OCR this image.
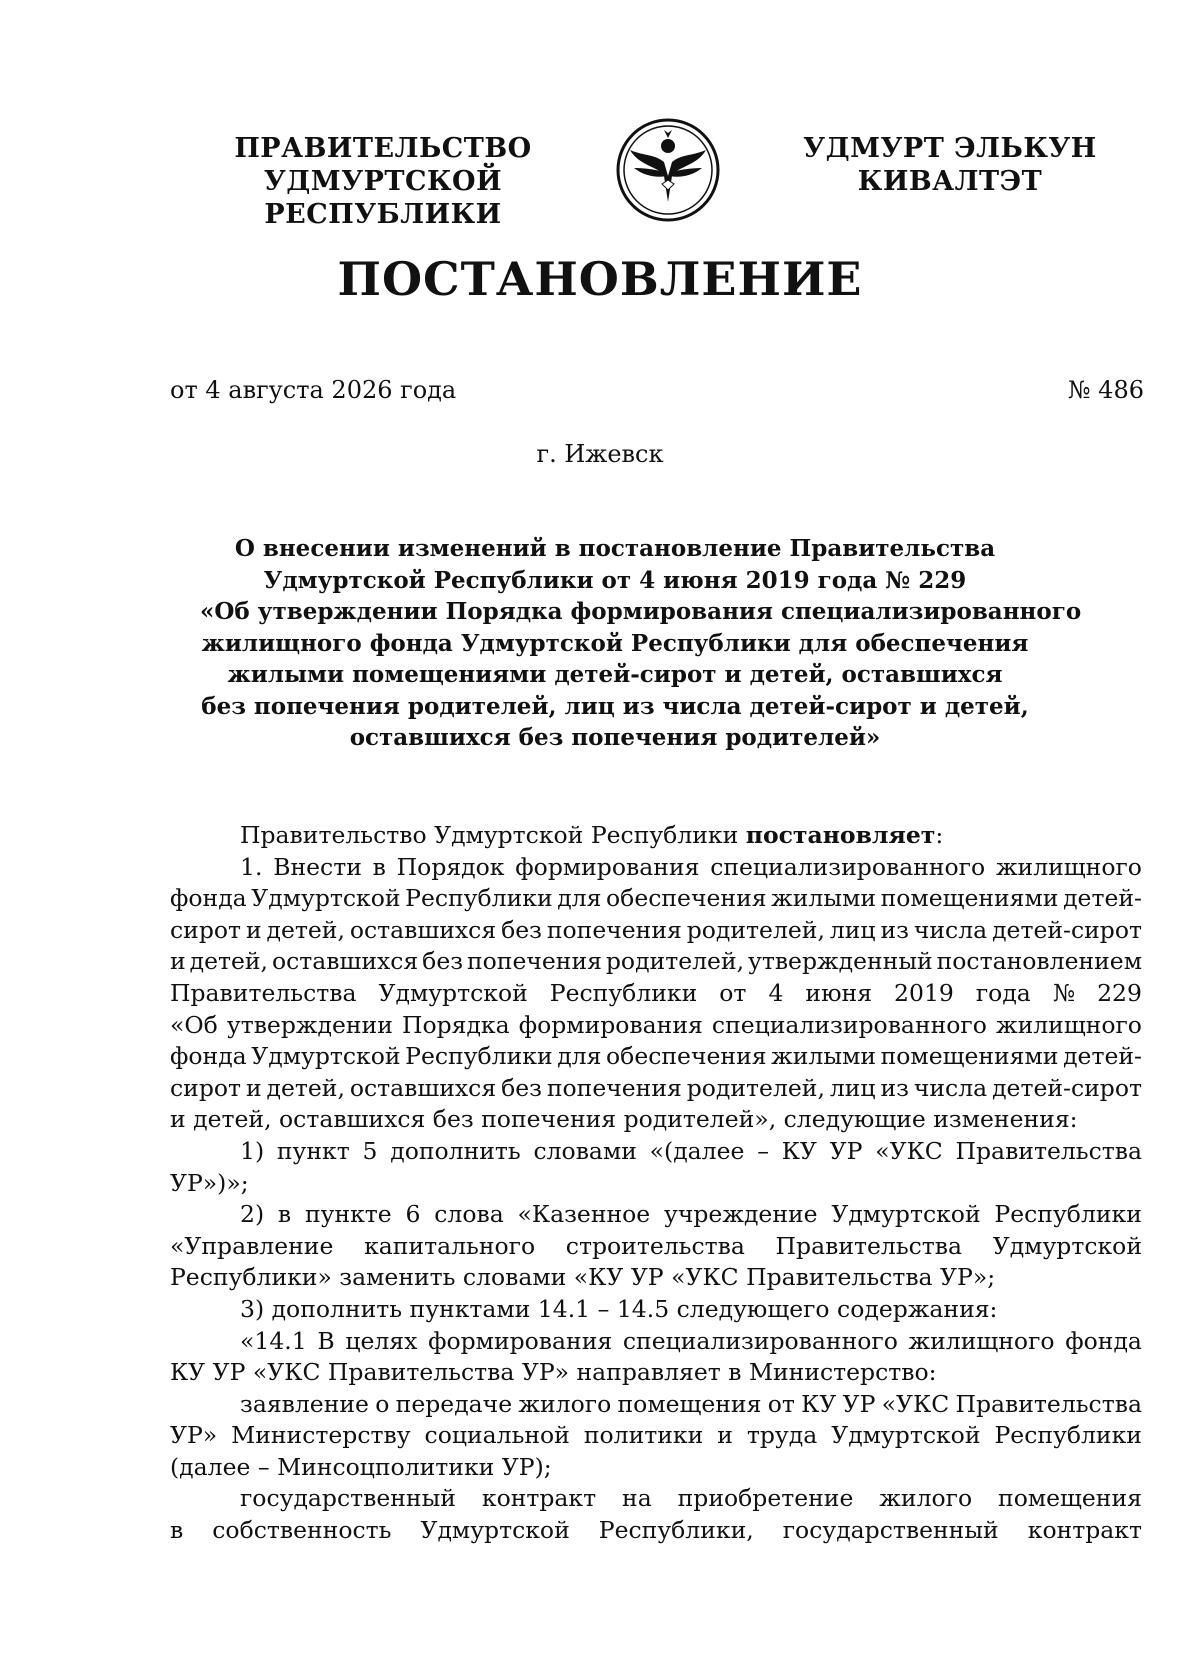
ПРАВИТЕЛЬСТВО
УДМУРТСКОЙ РЕСПУБЛИКИ
УДМУРТ ЭЛЬКУН
КИВАЛТЭТ
ПОСТАНОВЛЕНИЕ
от 4 августа 2026 года	№ 486
г. Ижевск
О внесении изменений в постановление Правительства
Удмуртской Республики от 4 июня 2019 года № 229
«Об утверждении Порядка формирования специализированного
жилищного фонда Удмуртской Республики для обеспечения
жилыми помещениями детей-сирот и детей, оставшихся
без попечения родителей, лиц из числа детей-сирот и детей,
оставшихся без попечения родителей»
Правительство Удмуртской Республики постановляет:
1. Внести в Порядок формирования специализированного жилищного
фонда Удмуртской Республики для обеспечения жилыми помещениями детей-
сирот и детей, оставшихся без попечения родителей, лиц из числа детей-сирот
и детей, оставшихся без попечения родителей, утвержденный постановлением
Правительства Удмуртской Республики от 4 июня 2019 года № 229
«Об утверждении Порядка формирования специализированного жилищного
фонда Удмуртской Республики для обеспечения жилыми помещениями детей-
сирот и детей, оставшихся без попечения родителей, лиц из числа детей-сирот
и детей, оставшихся без попечения родителей», следующие изменения:
1) пункт 5 дополнить словами «(далее – КУ УР «УКС Правительства
УР»)»;
2) в пункте 6 слова «Казенное учреждение Удмуртской Республики
«Управление капитального строительства Правительства Удмуртской
Республики» заменить словами «КУ УР «УКС Правительства УР»;
3) дополнить пунктами 14.1 – 14.5 следующего содержания:
«14.1 В целях формирования специализированного жилищного фонда
КУ УР «УКС Правительства УР» направляет в Министерство:
заявление о передаче жилого помещения от КУ УР «УКС Правительства
УР» Министерству социальной политики и труда Удмуртской Республики
(далее – Минсоцполитики УР);
государственный контракт на приобретение жилого помещения
в собственность Удмуртской Республики, государственный контракт
